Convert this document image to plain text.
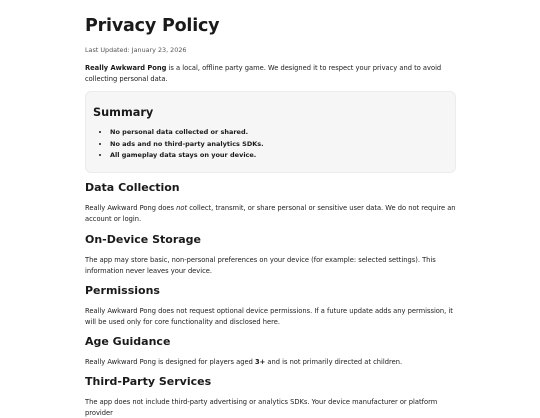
Privacy Policy
Last Updated: January 23, 2026

Really Awkward Pong is a local, offline party game. We designed it to respect your privacy and to avoid collecting personal data.

Summary
• No personal data collected or shared.
• No ads and no third-party analytics SDKs.
• All gameplay data stays on your device.
Data Collection

Really Awkward Pong does not collect, transmit, or share personal or sensitive user data. We do not require an account or login.

On-Device Storage

The app may store basic, non-personal preferences on your device (for example: selected settings). This information never leaves your device.

Permissions

Really Awkward Pong does not request optional device permissions. If a future update adds any permission, it will be used only for core functionality and disclosed here.

Age Guidance

Really Awkward Pong is designed for players aged 3+ and is not primarily directed at children.

Third-Party Services

The app does not include third-party advertising or analytics SDKs. Your device manufacturer or platform provider
